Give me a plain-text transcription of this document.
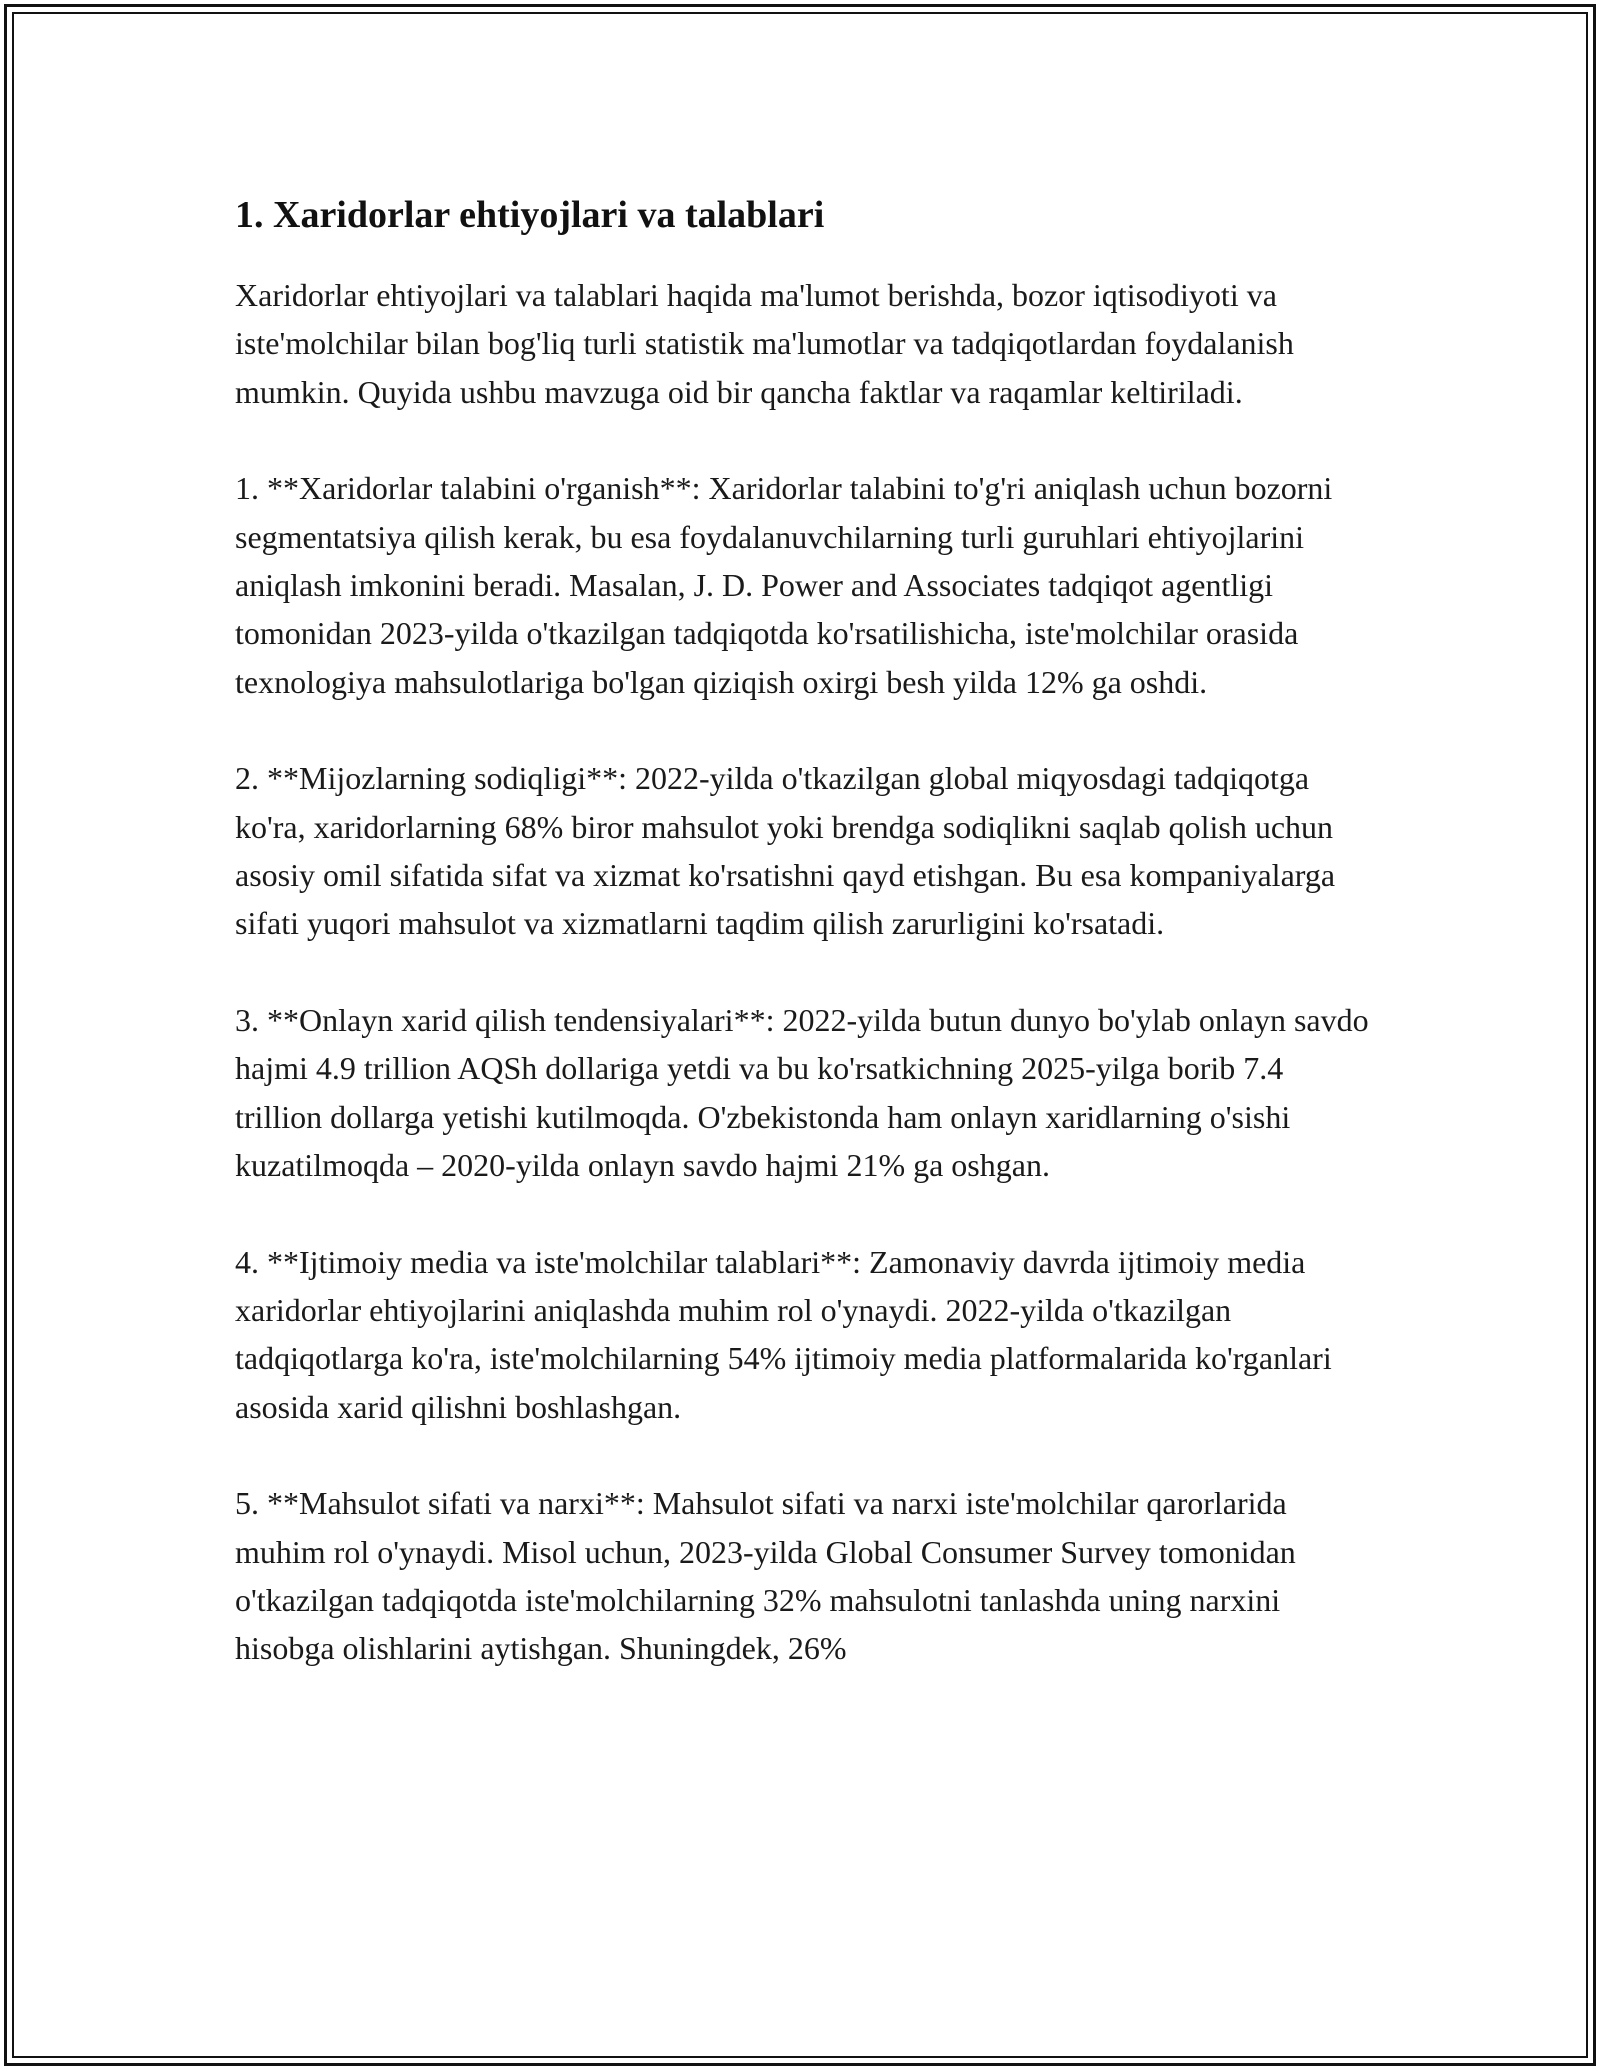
1. Xaridorlar ehtiyojlari va talablari

Xaridorlar ehtiyojlari va talablari haqida ma'lumot berishda, bozor iqtisodiyoti va iste'molchilar bilan bog'liq turli statistik ma'lumotlar va tadqiqotlardan foydalanish mumkin. Quyida ushbu mavzuga oid bir qancha faktlar va raqamlar keltiriladi.

1. **Xaridorlar talabini o'rganish**: Xaridorlar talabini to'g'ri aniqlash uchun bozorni segmentatsiya qilish kerak, bu esa foydalanuvchilarning turli guruhlari ehtiyojlarini aniqlash imkonini beradi. Masalan, J. D. Power and Associates tadqiqot agentligi tomonidan 2023-yilda o'tkazilgan tadqiqotda ko'rsatilishicha, iste'molchilar orasida texnologiya mahsulotlariga bo'lgan qiziqish oxirgi besh yilda 12% ga oshdi.

2. **Mijozlarning sodiqligi**: 2022-yilda o'tkazilgan global miqyosdagi tadqiqotga ko'ra, xaridorlarning 68% biror mahsulot yoki brendga sodiqlikni saqlab qolish uchun asosiy omil sifatida sifat va xizmat ko'rsatishni qayd etishgan. Bu esa kompaniyalarga sifati yuqori mahsulot va xizmatlarni taqdim qilish zarurligini ko'rsatadi.

3. **Onlayn xarid qilish tendensiyalari**: 2022-yilda butun dunyo bo'ylab onlayn savdo hajmi 4.9 trillion AQSh dollariga yetdi va bu ko'rsatkichning 2025-yilga borib 7.4 trillion dollarga yetishi kutilmoqda. O'zbekistonda ham onlayn xaridlarning o'sishi kuzatilmoqda – 2020-yilda onlayn savdo hajmi 21% ga oshgan.

4. **Ijtimoiy media va iste'molchilar talablari**: Zamonaviy davrda ijtimoiy media xaridorlar ehtiyojlarini aniqlashda muhim rol o'ynaydi. 2022-yilda o'tkazilgan tadqiqotlarga ko'ra, iste'molchilarning 54% ijtimoiy media platformalarida ko'rganlari asosida xarid qilishni boshlashgan.

5. **Mahsulot sifati va narxi**: Mahsulot sifati va narxi iste'molchilar qarorlarida muhim rol o'ynaydi. Misol uchun, 2023-yilda Global Consumer Survey tomonidan o'tkazilgan tadqiqotda iste'molchilarning 32% mahsulotni tanlashda uning narxini hisobga olishlarini aytishgan. Shuningdek, 26%
